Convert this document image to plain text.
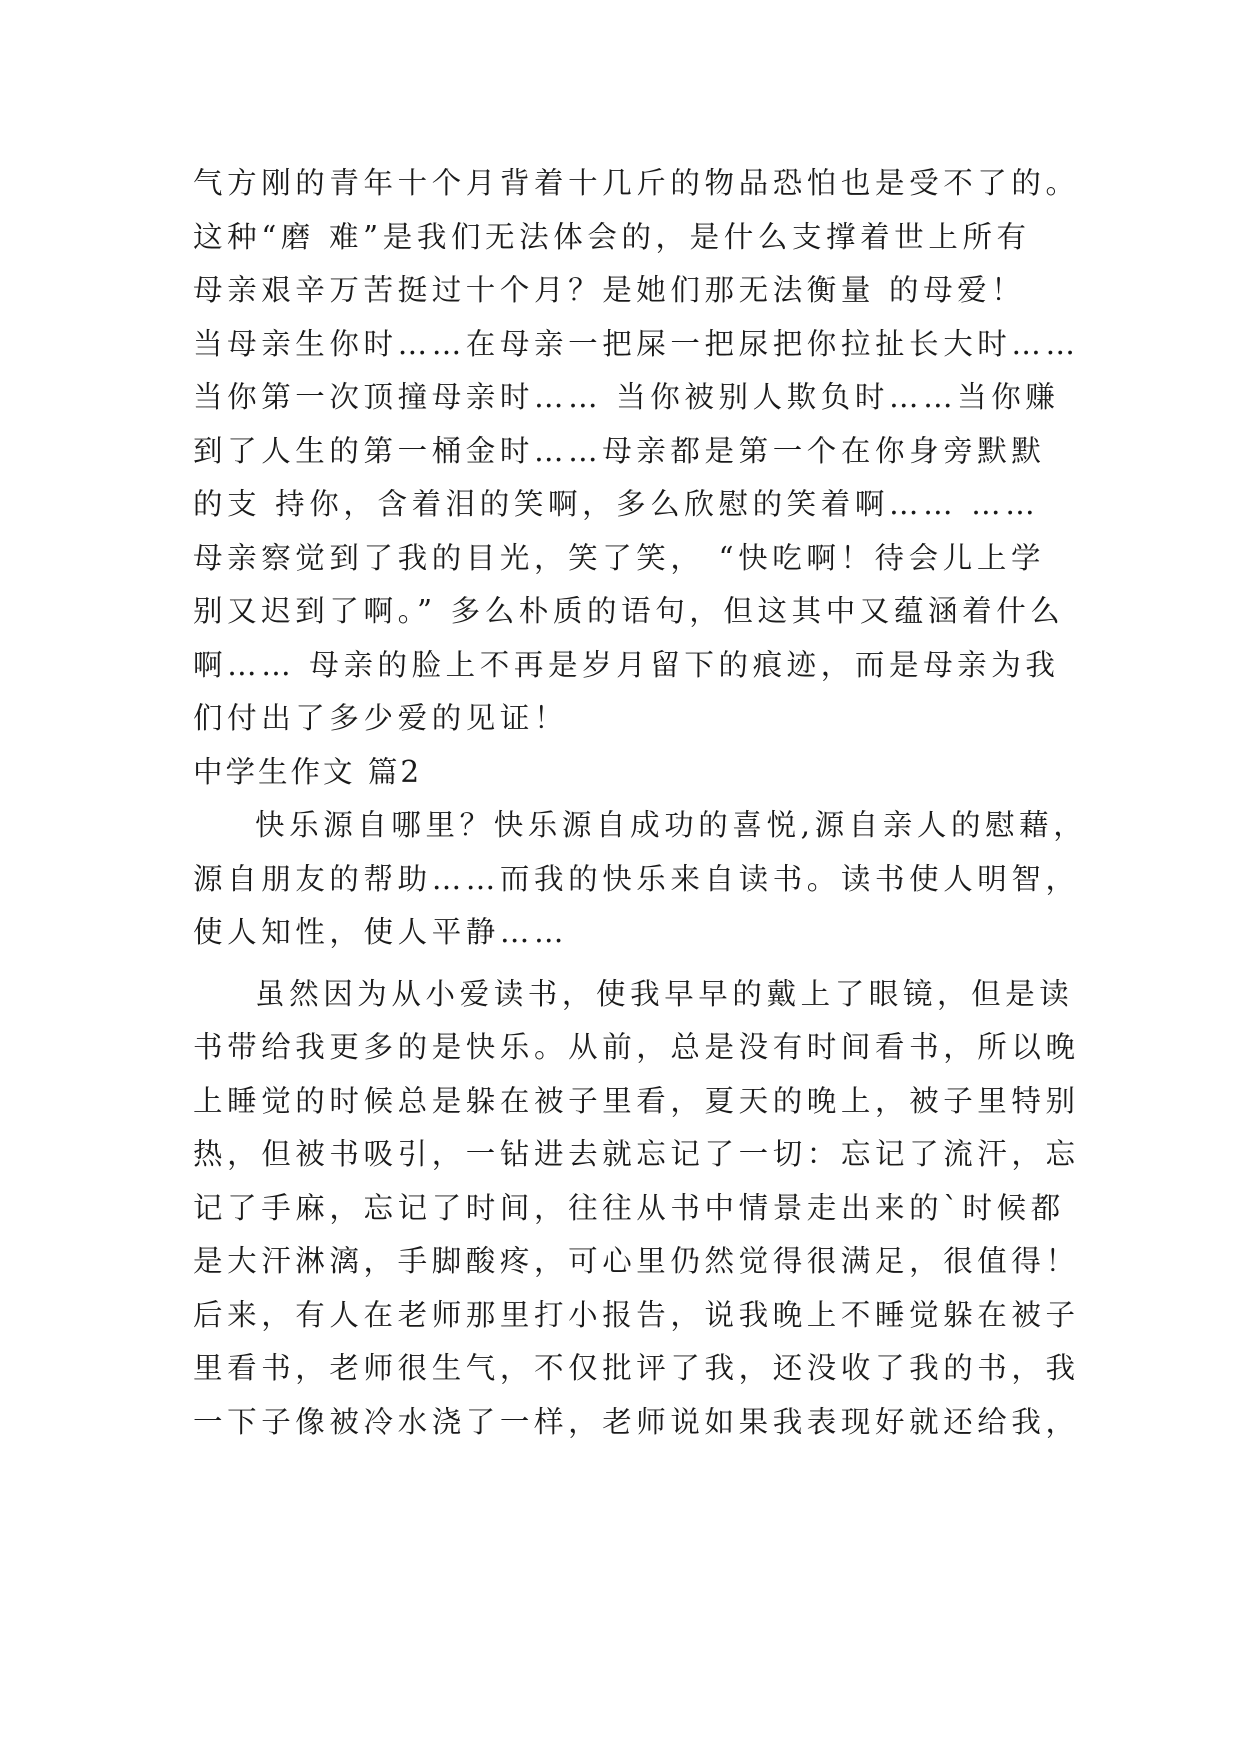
气方刚的青年十个月背着十几斤的物品恐怕也是受不了的。
这种“磨 难”是我们无法体会的，是什么支撑着世上所有
母亲艰辛万苦挺过十个月？是她们那无法衡量 的母爱！
当母亲生你时……在母亲一把屎一把尿把你拉扯长大时……
当你第一次顶撞母亲时…… 当你被别人欺负时……当你赚
到了人生的第一桶金时……母亲都是第一个在你身旁默默
的支 持你，含着泪的笑啊，多么欣慰的笑着啊…… ……
母亲察觉到了我的目光，笑了笑， “快吃啊！待会儿上学
别又迟到了啊。” 多么朴质的语句，但这其中又蕴涵着什么
啊…… 母亲的脸上不再是岁月留下的痕迹，而是母亲为我
们付出了多少爱的见证！
中学生作文 篇2
快乐源自哪里？快乐源自成功的喜悦,源自亲人的慰藉，
源自朋友的帮助……而我的快乐来自读书。读书使人明智，
使人知性，使人平静……
虽然因为从小爱读书，使我早早的戴上了眼镜，但是读
书带给我更多的是快乐。从前，总是没有时间看书，所以晚
上睡觉的时候总是躲在被子里看，夏天的晚上，被子里特别
热，但被书吸引，一钻进去就忘记了一切：忘记了流汗，忘
记了手麻，忘记了时间，往往从书中情景走出来的`时候都
是大汗淋漓，手脚酸疼，可心里仍然觉得很满足，很值得！
后来，有人在老师那里打小报告，说我晚上不睡觉躲在被子
里看书，老师很生气，不仅批评了我，还没收了我的书，我
一下子像被冷水浇了一样，老师说如果我表现好就还给我，
